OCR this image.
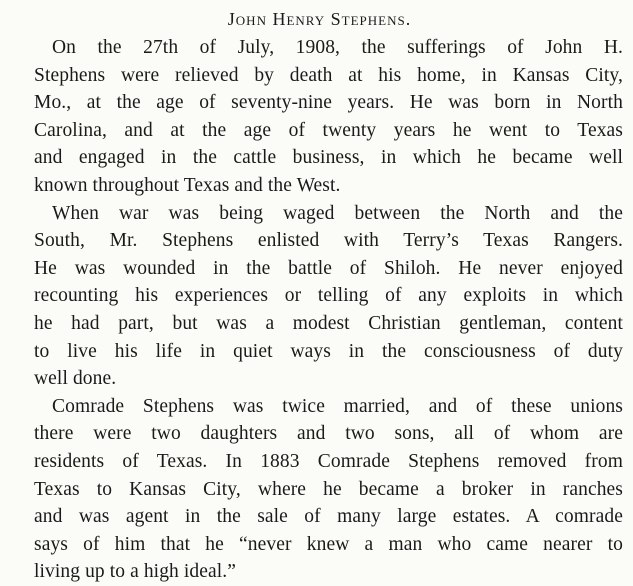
John Henry Stephens.
On the 27th of July, 1908, the sufferings of John H.
Stephens were relieved by death at his home, in Kansas City,
Mo., at the age of seventy-nine years. He was born in North
Carolina, and at the age of twenty years he went to Texas
and engaged in the cattle business, in which he became well
known throughout Texas and the West.
When war was being waged between the North and the
South, Mr. Stephens enlisted with Terry’s Texas Rangers.
He was wounded in the battle of Shiloh. He never enjoyed
recounting his experiences or telling of any exploits in which
he had part, but was a modest Christian gentleman, content
to live his life in quiet ways in the consciousness of duty
well done.
Comrade Stephens was twice married, and of these unions
there were two daughters and two sons, all of whom are
residents of Texas. In 1883 Comrade Stephens removed from
Texas to Kansas City, where he became a broker in ranches
and was agent in the sale of many large estates. A comrade
says of him that he “never knew a man who came nearer to
living up to a high ideal.”
